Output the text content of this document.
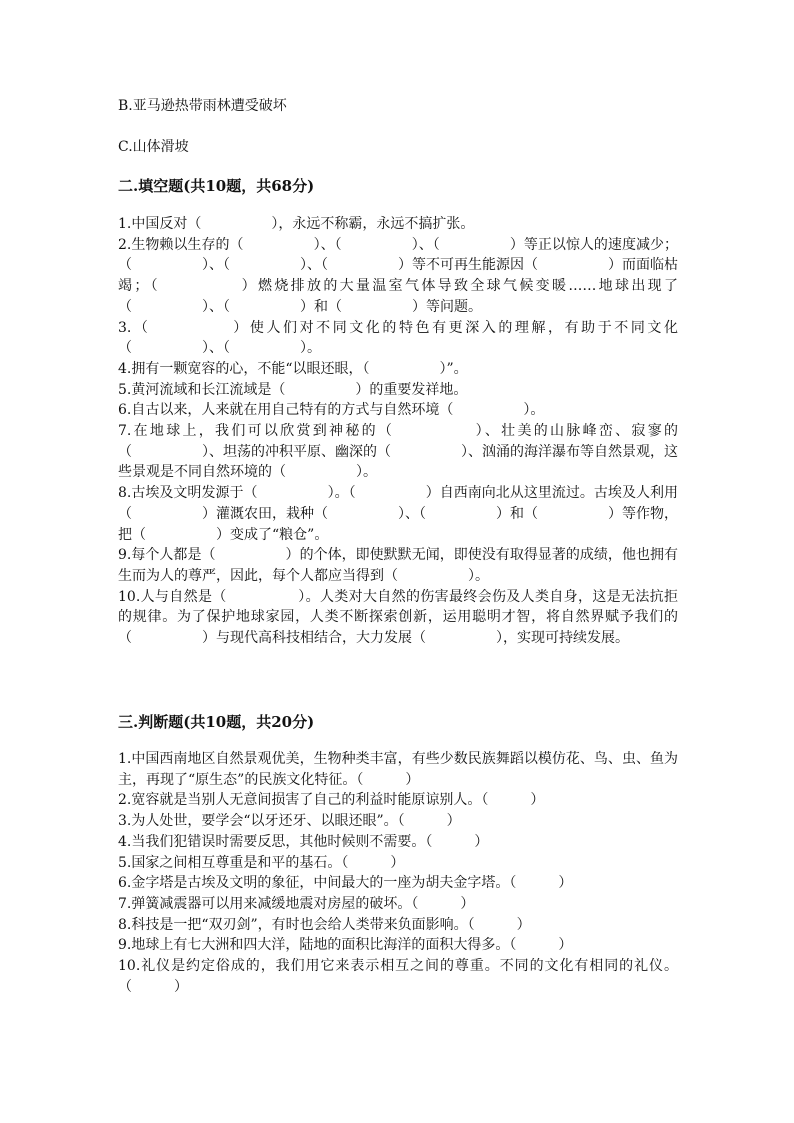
B.亚马逊热带雨林遭受破坏
C.山体滑坡
二.填空题(共10题，共68分)

1.中国反对（　　　　　），永远不称霸，永远不搞扩张。

2.生物赖以生存的（　　　　　）、（　　　　　）、（　　　　　）等正以惊人的速度减少；（　　　　　）、（　　　　　）、（　　　　　）等不可再生能源因（　　　　　）而面临枯竭；（　　　　　）燃烧排放的大量温室气体导致全球气候变暖……地球出现了（　　　　　）、（　　　　　）和（　　　　　）等问题。

3.（　　　　　）使人们对不同文化的特色有更深入的理解，有助于不同文化（　　　　　）、（　　　　　）。

4.拥有一颗宽容的心，不能“以眼还眼，（　　　　　）”。

5.黄河流域和长江流域是（　　　　　）的重要发祥地。

6.自古以来，人来就在用自己特有的方式与自然环境（　　　　　）。

7.在地球上，我们可以欣赏到神秘的（　　　　　）、壮美的山脉峰峦、寂寥的（　　　　　）、坦荡的冲积平原、幽深的（　　　　　）、汹涌的海洋瀑布等自然景观，这些景观是不同自然环境的（　　　　　）。

8.古埃及文明发源于（　　　　　）。（　　　　　）自西南向北从这里流过。古埃及人利用（　　　　　）灌溉农田，栽种（　　　　　）、（　　　　　）和（　　　　　）等作物，把（　　　　　）变成了“粮仓”。

9.每个人都是（　　　　　）的个体，即使默默无闻，即使没有取得显著的成绩，他也拥有生而为人的尊严，因此，每个人都应当得到（　　　　　）。

10.人与自然是（　　　　　）。人类对大自然的伤害最终会伤及人类自身，这是无法抗拒的规律。为了保护地球家园，人类不断探索创新，运用聪明才智，将自然界赋予我们的（　　　　　）与现代高科技相结合，大力发展（　　　　　），实现可持续发展。

三.判断题(共10题，共20分)

1.中国西南地区自然景观优美，生物种类丰富，有些少数民族舞蹈以模仿花、鸟、虫、鱼为主，再现了“原生态”的民族文化特征。（　　　）

2.宽容就是当别人无意间损害了自己的利益时能原谅别人。（　　　）

3.为人处世，要学会“以牙还牙、以眼还眼”。（　　　）

4.当我们犯错误时需要反思，其他时候则不需要。（　　　）

5.国家之间相互尊重是和平的基石。（　　　）

6.金字塔是古埃及文明的象征，中间最大的一座为胡夫金字塔。（　　　）

7.弹簧减震器可以用来减缓地震对房屋的破坏。（　　　）

8.科技是一把“双刃剑”，有时也会给人类带来负面影响。（　　　）

9.地球上有七大洲和四大洋，陆地的面积比海洋的面积大得多。（　　　）

10.礼仪是约定俗成的，我们用它来表示相互之间的尊重。不同的文化有相同的礼仪。（　　　）
